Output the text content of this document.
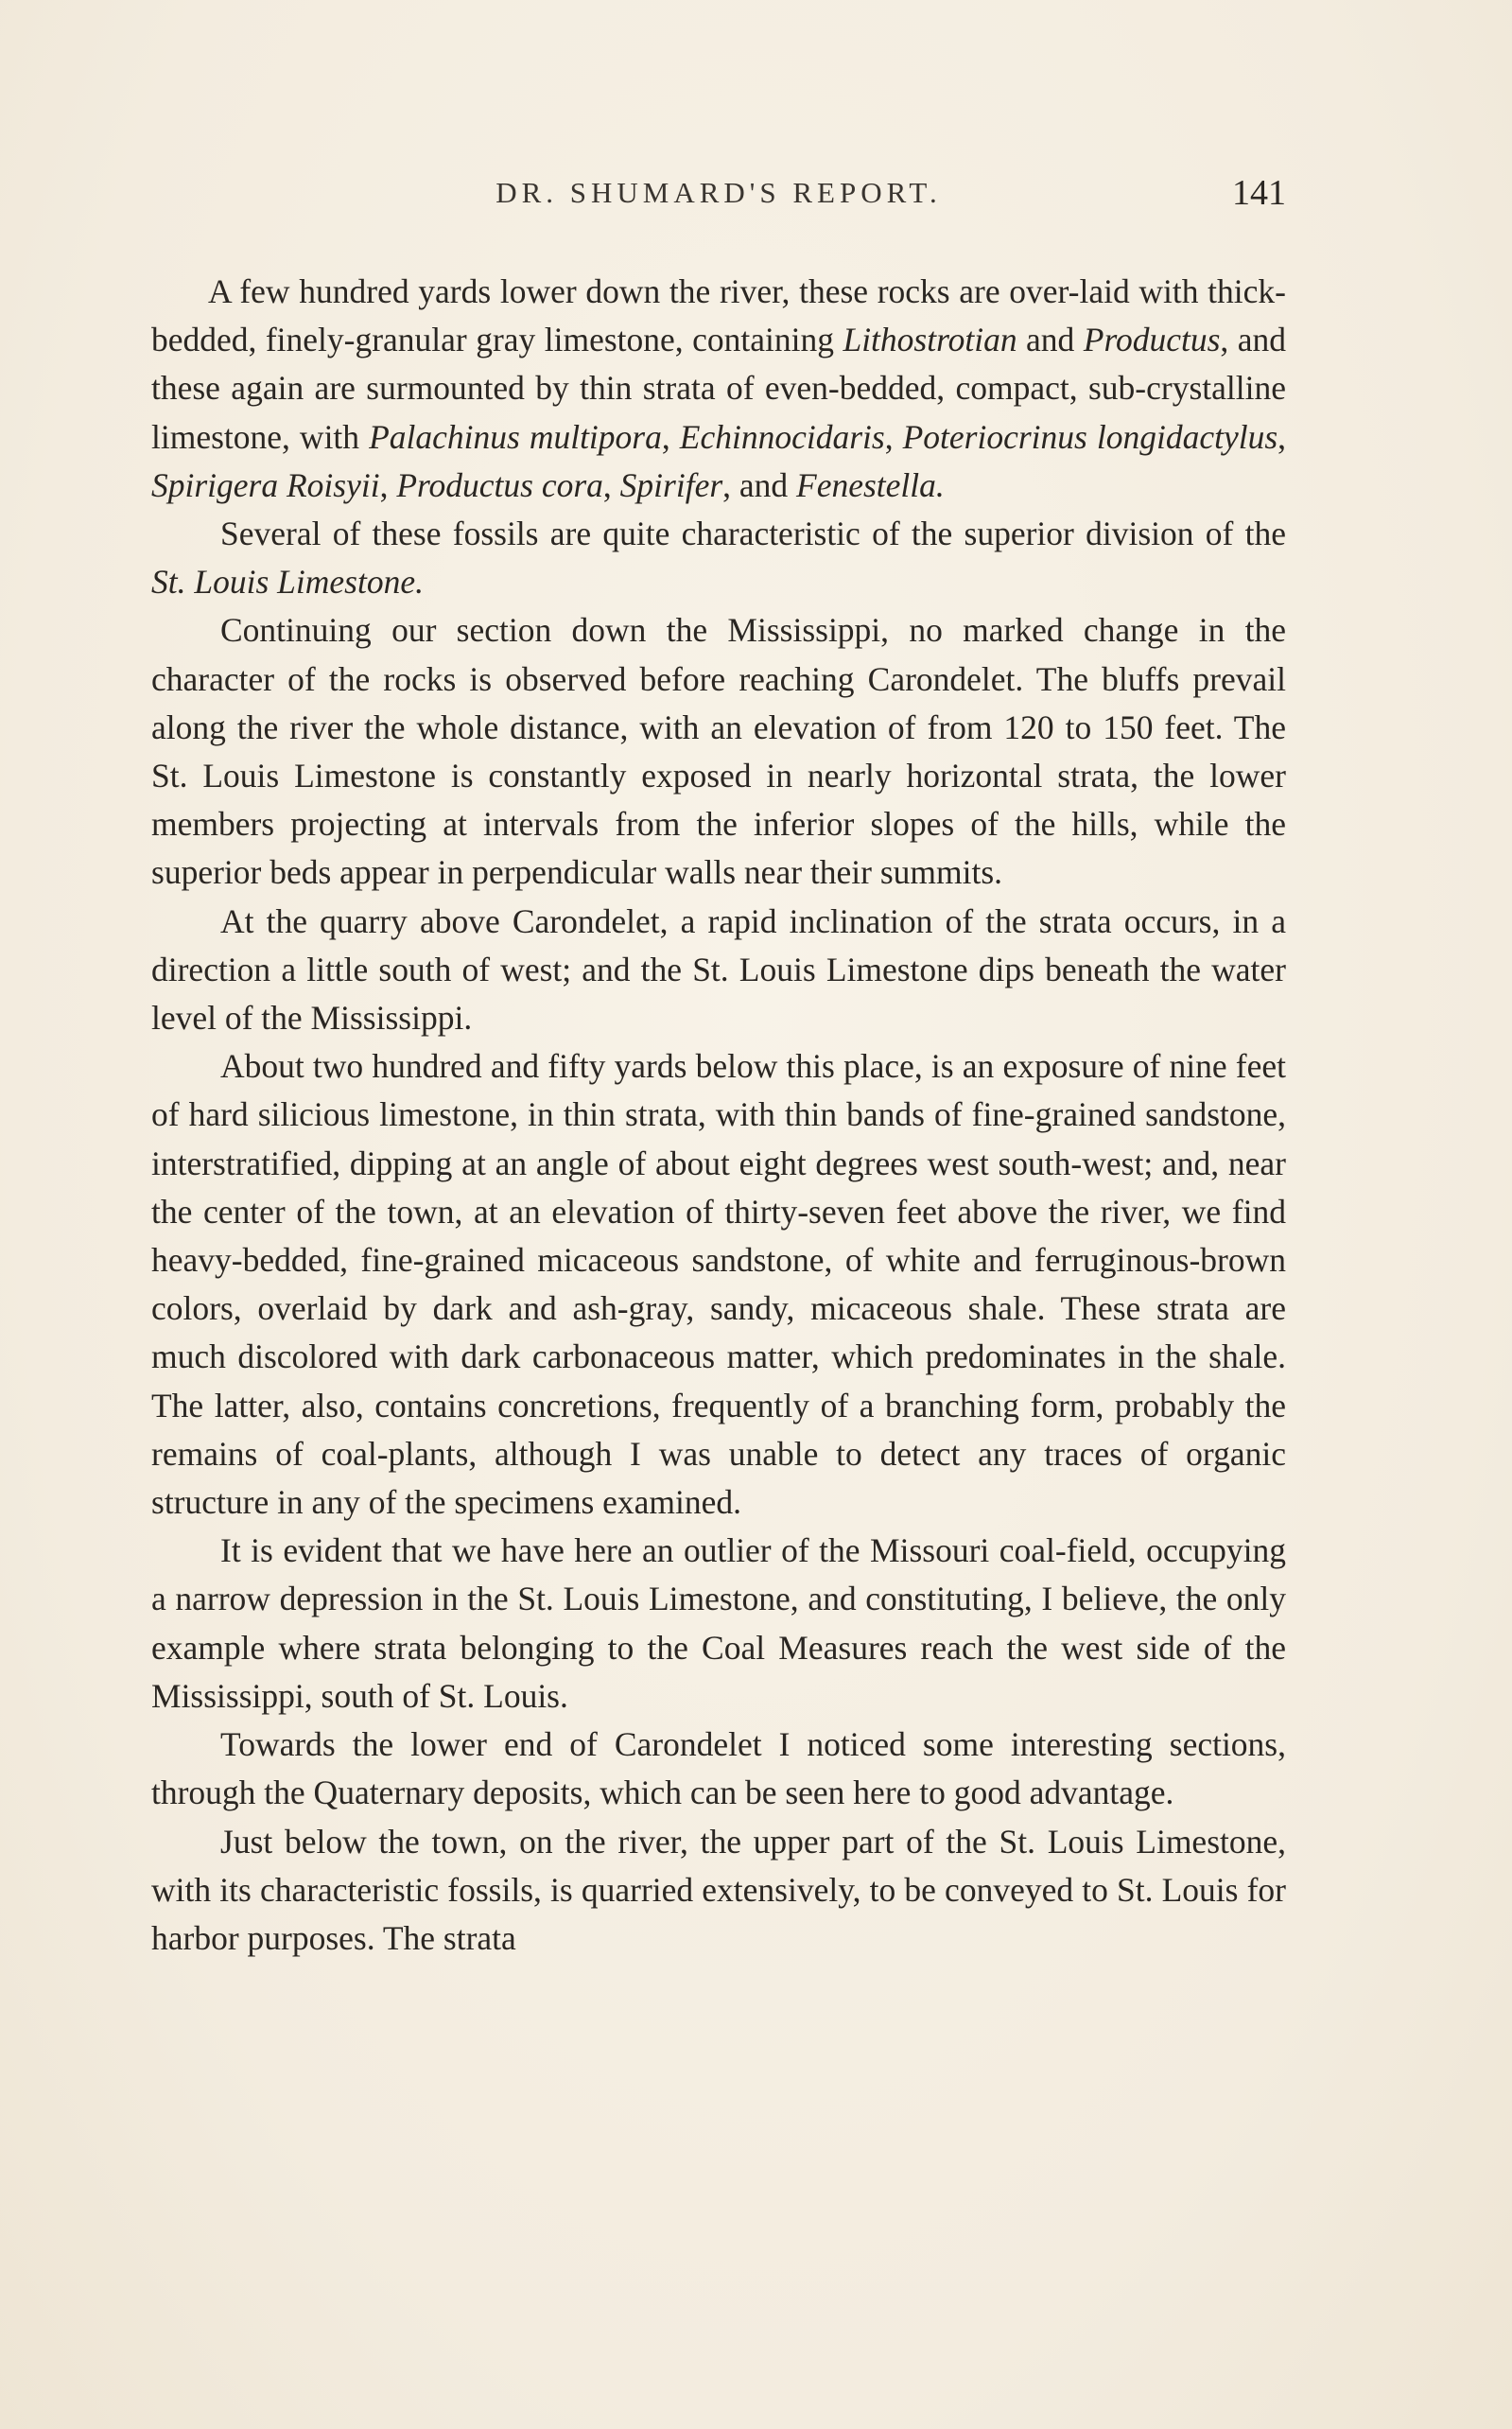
DR. SHUMARD'S REPORT.	141

A few hundred yards lower down the river, these rocks are over-laid with thick-bedded, finely-granular gray limestone, containing Lithostrotian and Productus, and these again are surmounted by thin strata of even-bedded, compact, sub-crystalline limestone, with Palachinus multipora, Echinnocidaris, Poteriocrinus longidactylus, Spirigera Roisyii, Productus cora, Spirifer, and Fenestella.

Several of these fossils are quite characteristic of the superior division of the St. Louis Limestone.

Continuing our section down the Mississippi, no marked change in the character of the rocks is observed before reaching Carondelet. The bluffs prevail along the river the whole distance, with an elevation of from 120 to 150 feet. The St. Louis Limestone is constantly exposed in nearly horizontal strata, the lower members projecting at intervals from the inferior slopes of the hills, while the superior beds appear in perpendicular walls near their summits.

At the quarry above Carondelet, a rapid inclination of the strata occurs, in a direction a little south of west; and the St. Louis Limestone dips beneath the water level of the Mississippi.

About two hundred and fifty yards below this place, is an exposure of nine feet of hard silicious limestone, in thin strata, with thin bands of fine-grained sandstone, interstratified, dipping at an angle of about eight degrees west south-west; and, near the center of the town, at an elevation of thirty-seven feet above the river, we find heavy-bedded, fine-grained micaceous sandstone, of white and ferruginous-brown colors, overlaid by dark and ash-gray, sandy, micaceous shale. These strata are much discolored with dark carbonaceous matter, which predominates in the shale. The latter, also, contains concretions, frequently of a branching form, probably the remains of coal-plants, although I was unable to detect any traces of organic structure in any of the specimens examined.

It is evident that we have here an outlier of the Missouri coal-field, occupying a narrow depression in the St. Louis Limestone, and constituting, I believe, the only example where strata belonging to the Coal Measures reach the west side of the Mississippi, south of St. Louis.

Towards the lower end of Carondelet I noticed some interesting sections, through the Quaternary deposits, which can be seen here to good advantage.

Just below the town, on the river, the upper part of the St. Louis Limestone, with its characteristic fossils, is quarried extensively, to be conveyed to St. Louis for harbor purposes. The strata
